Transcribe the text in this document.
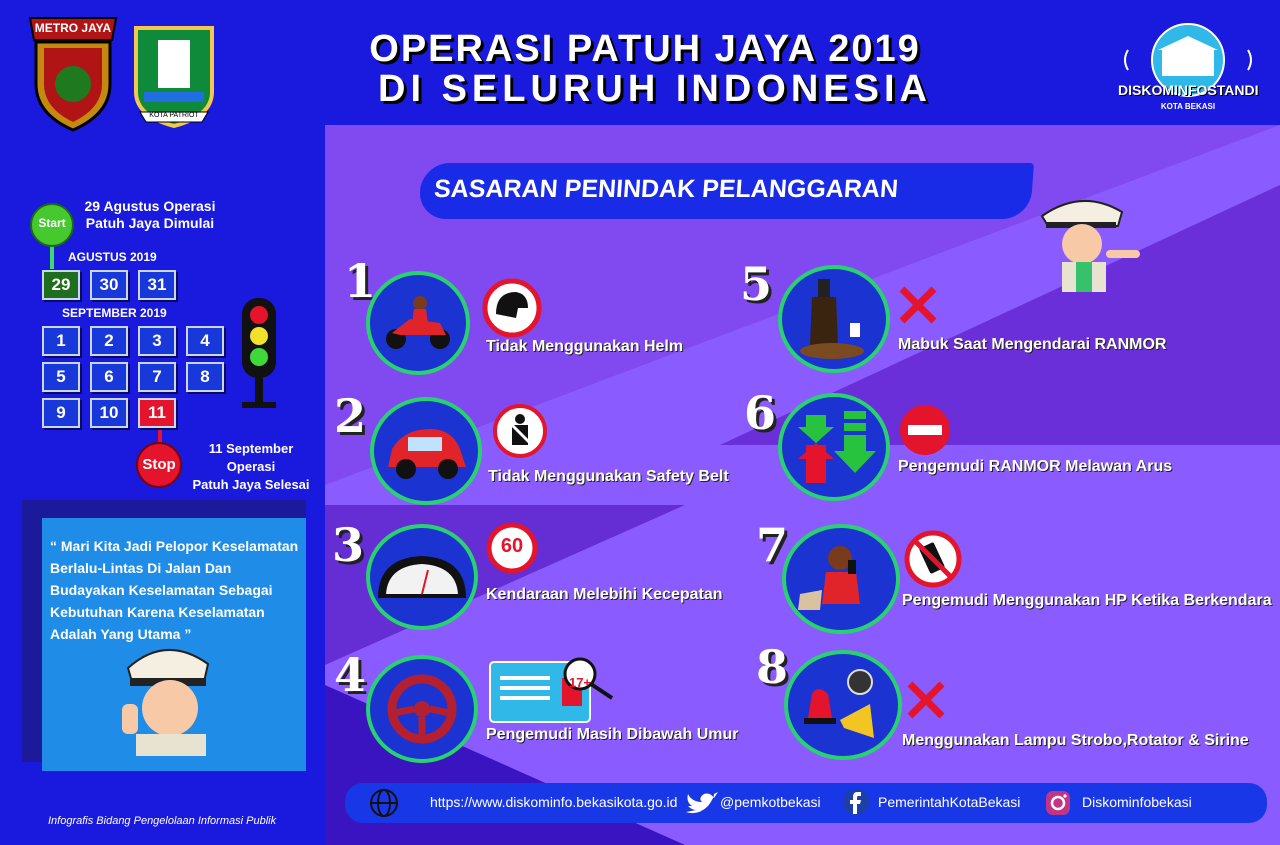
METRO JAYA
KOTA PATRIOT
DISKOMINFOSTANDI
KOTA BEKASI
OPERASI PATUH JAYA 2019
DI SELURUH INDONESIA
Start
29 Agustus Operasi
Patuh Jaya Dimulai
AGUSTUS 2019
29	30	31
SEPTEMBER 2019
1	2	3	4
5	6	7	8
9	10	11
Stop
11 September Operasi
Patuh Jaya Selesai
“ Mari Kita Jadi Pelopor Keselamatan Berlalu-Lintas Di Jalan Dan Budayakan Keselamatan Sebagai Kebutuhan Karena Keselamatan Adalah Yang Utama ”
Infografis Bidang Pengelolaan Informasi Publik
SASARAN PENINDAK PELANGGARAN
1
Tidak Menggunakan Helm
2
Tidak Menggunakan Safety Belt
3	60
Kendaraan Melebihi Kecepatan
4	17+
Pengemudi Masih Dibawah Umur
5
Mabuk Saat Mengendarai RANMOR
6
Pengemudi RANMOR Melawan Arus
7
Pengemudi Menggunakan HP Ketika Berkendara
8
Menggunakan Lampu Strobo,Rotator & Sirine
https://www.diskominfo.bekasikota.go.id	@pemkotbekasi	PemerintahKotaBekasi	Diskominfobekasi
